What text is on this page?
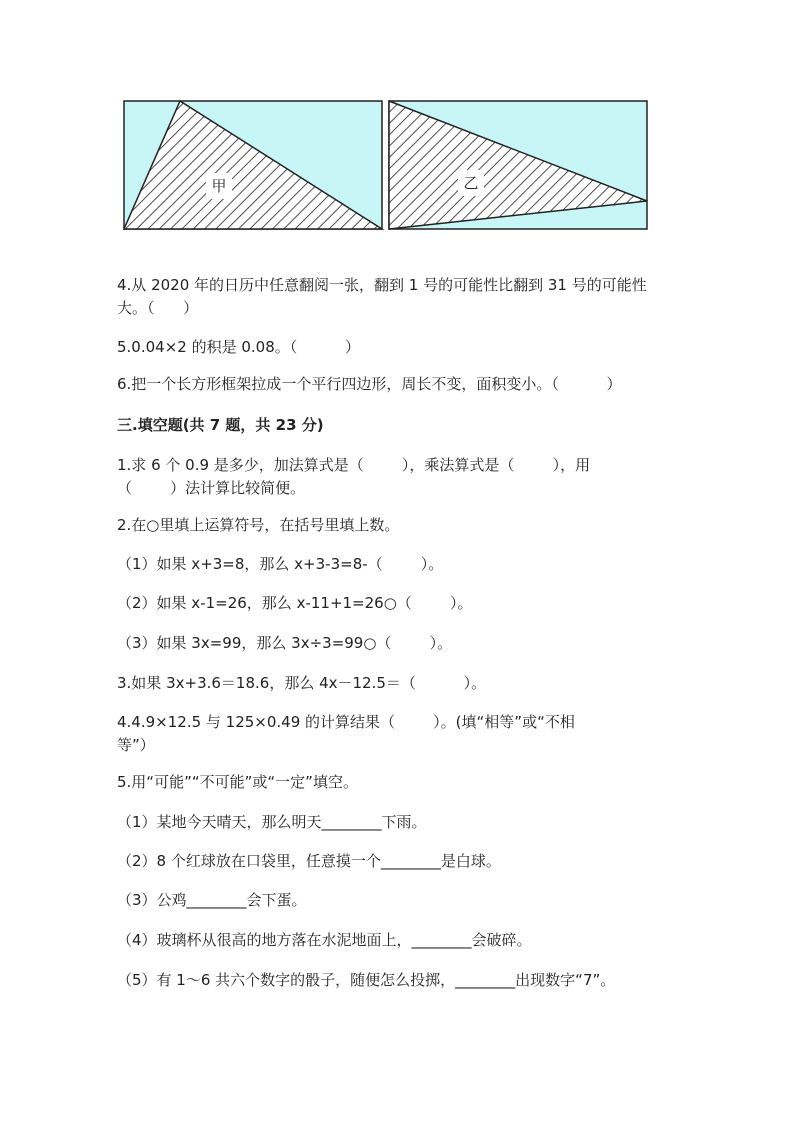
甲	乙

4.从 2020 年的日历中任意翻阅一张，翻到 1 号的可能性比翻到 31 号的可能性

大。（      ）

5.0.04×2 的积是 0.08。（          ）

6.把一个长方形框架拉成一个平行四边形，周长不变，面积变小。（          ）

三.填空题(共 7 题，共 23 分)

1.求 6 个 0.9 是多少，加法算式是（        ），乘法算式是（        ），用

（        ）法计算比较简便。

2.在○里填上运算符号，在括号里填上数。

（1）如果 x+3=8，那么 x+3-3=8-（        ）。

（2）如果 x-1=26，那么 x-11+1=26○（        ）。

（3）如果 3x=99，那么 3x÷3=99○（        ）。

3.如果 3x+3.6＝18.6，那么 4x－12.5＝（          ）。

4.4.9×12.5 与 125×0.49 的计算结果（        ）。(填“相等”或“不相

等”）

5.用“可能”“不可能”或“一定”填空。

（1）某地今天晴天，那么明天________下雨。

（2）8 个红球放在口袋里，任意摸一个________是白球。

（3）公鸡________会下蛋。

（4）玻璃杯从很高的地方落在水泥地面上，________会破碎。

（5）有 1～6 共六个数字的骰子，随便怎么投掷，________出现数字“7”。
